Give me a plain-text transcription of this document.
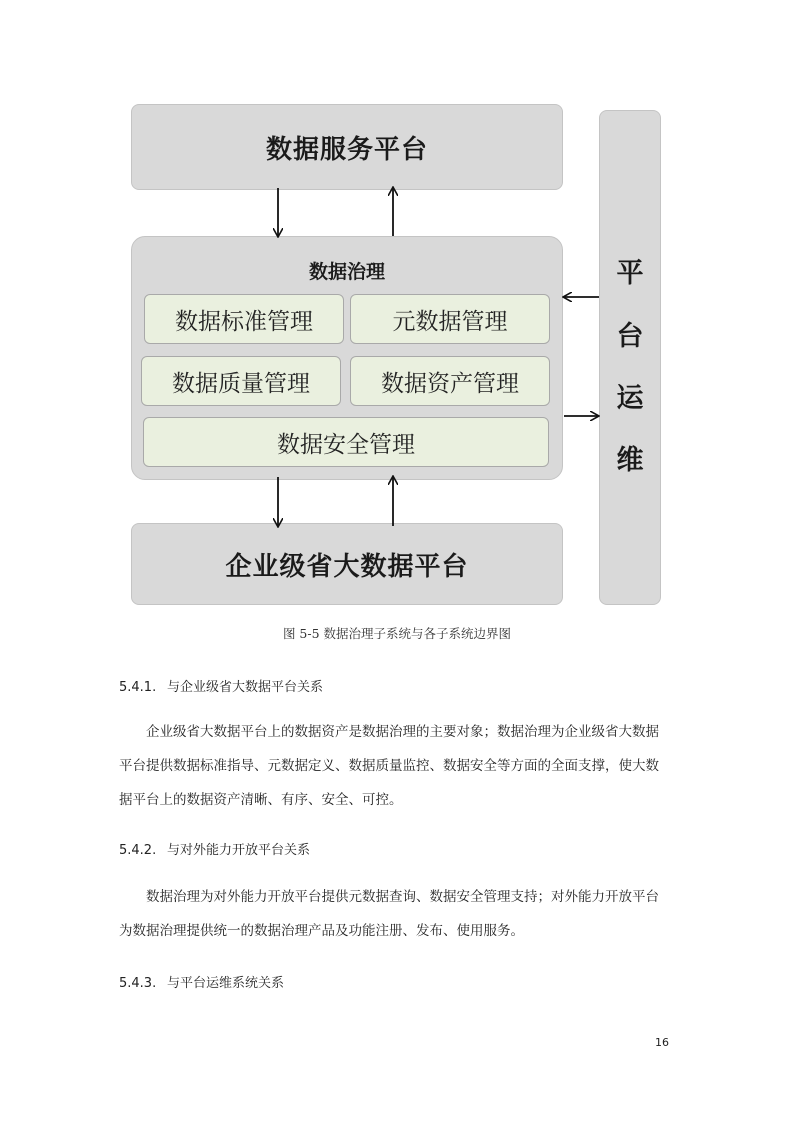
数据服务平台
数据治理
数据标准管理	元数据管理
数据质量管理	数据资产管理
数据安全管理
企业级省大数据平台
平
台
运
维
图 5-5 数据治理子系统与各子系统边界图
5.4.1. 与企业级省大数据平台关系
企业级省大数据平台上的数据资产是数据治理的主要对象；数据治理为企业级省大数据
平台提供数据标准指导、元数据定义、数据质量监控、数据安全等方面的全面支撑，使大数
据平台上的数据资产清晰、有序、安全、可控。
5.4.2. 与对外能力开放平台关系
数据治理为对外能力开放平台提供元数据查询、数据安全管理支持；对外能力开放平台
为数据治理提供统一的数据治理产品及功能注册、发布、使用服务。
5.4.3. 与平台运维系统关系
16
